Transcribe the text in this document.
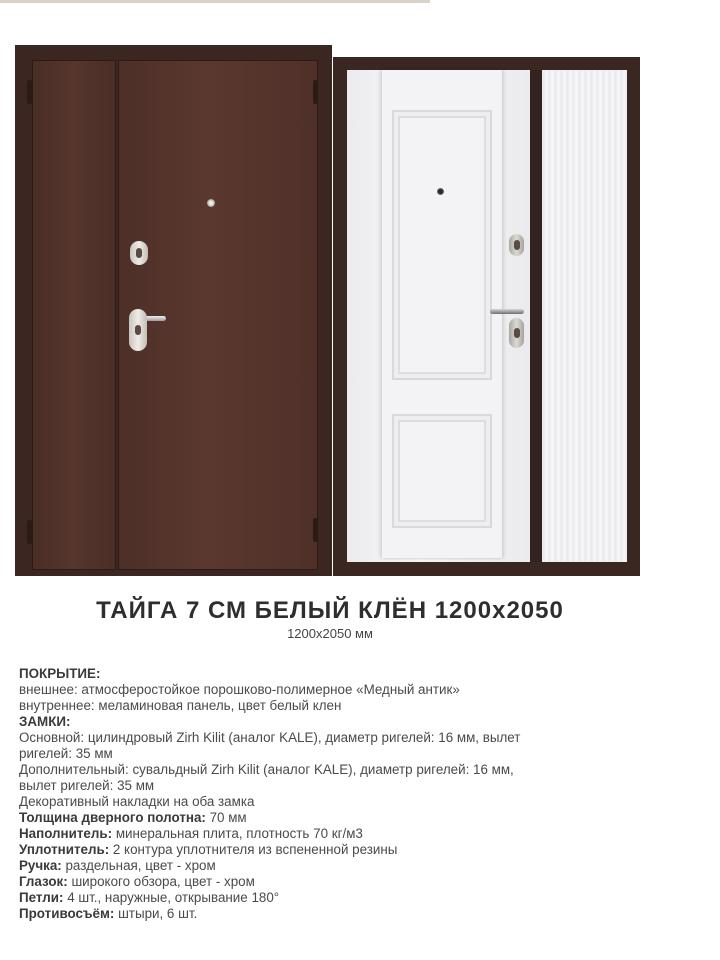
ТАЙГА 7 СМ БЕЛЫЙ КЛЁН 1200х2050

1200х2050 мм

ПОКРЫТИЕ:
внешнее: атмосферостойкое порошково-полимерное «Медный антик»
внутреннее: меламиновая панель, цвет белый клен
ЗАМКИ:
Основной: цилиндровый Zirh Kilit (аналог KALE), диаметр ригелей: 16 мм, вылет
ригелей: 35 мм
Дополнительный: сувальдный Zirh Kilit (аналог KALE), диаметр ригелей: 16 мм,
вылет ригелей: 35 мм
Декоративный накладки на оба замка
Толщина дверного полотна: 70 мм
Наполнитель: минеральная плита, плотность 70 кг/м3
Уплотнитель: 2 контура уплотнителя из вспененной резины
Ручка: раздельная, цвет - хром
Глазок: широкого обзора, цвет - хром
Петли: 4 шт., наружные, открывание 180°
Противосъём: штыри, 6 шт.
